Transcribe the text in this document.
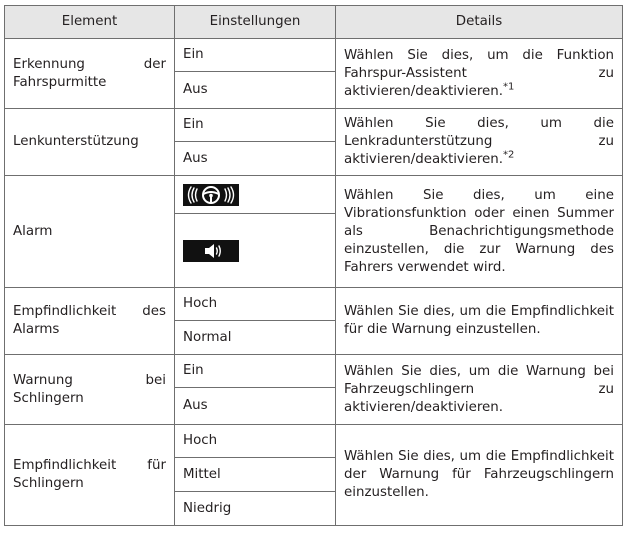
Element	Einstellungen	Details
Erkennung der Fahrspurmitte	Ein	Wählen Sie dies, um die Funktion Fahrspur-Assistent zu aktivieren/deaktivieren.$^{*1}$
	Aus	
Lenkunterstützung	Ein	Wählen Sie dies, um die Lenkradunterstützung zu aktivieren/deaktivieren.$^{*2}$
	Aus	
Alarm		Wählen Sie dies, um eine Vibrationsfunktion oder einen Summer als Benachrichtigungsmethode einzustellen, die zur Warnung des Fahrers verwendet wird.

Empfindlichkeit des Alarms	Hoch	Wählen Sie dies, um die Empfindlichkeit für die Warnung einzustellen.
	Normal	
Warnung bei Schlingern	Ein	Wählen Sie dies, um die Warnung bei Fahrzeugschlingern zu aktivieren/deaktivieren.
	Aus	
Empfindlichkeit für Schlingern	Hoch	Wählen Sie dies, um die Empfindlichkeit der Warnung für Fahrzeugschlingern einzustellen.
	Mittel	
	Niedrig	
